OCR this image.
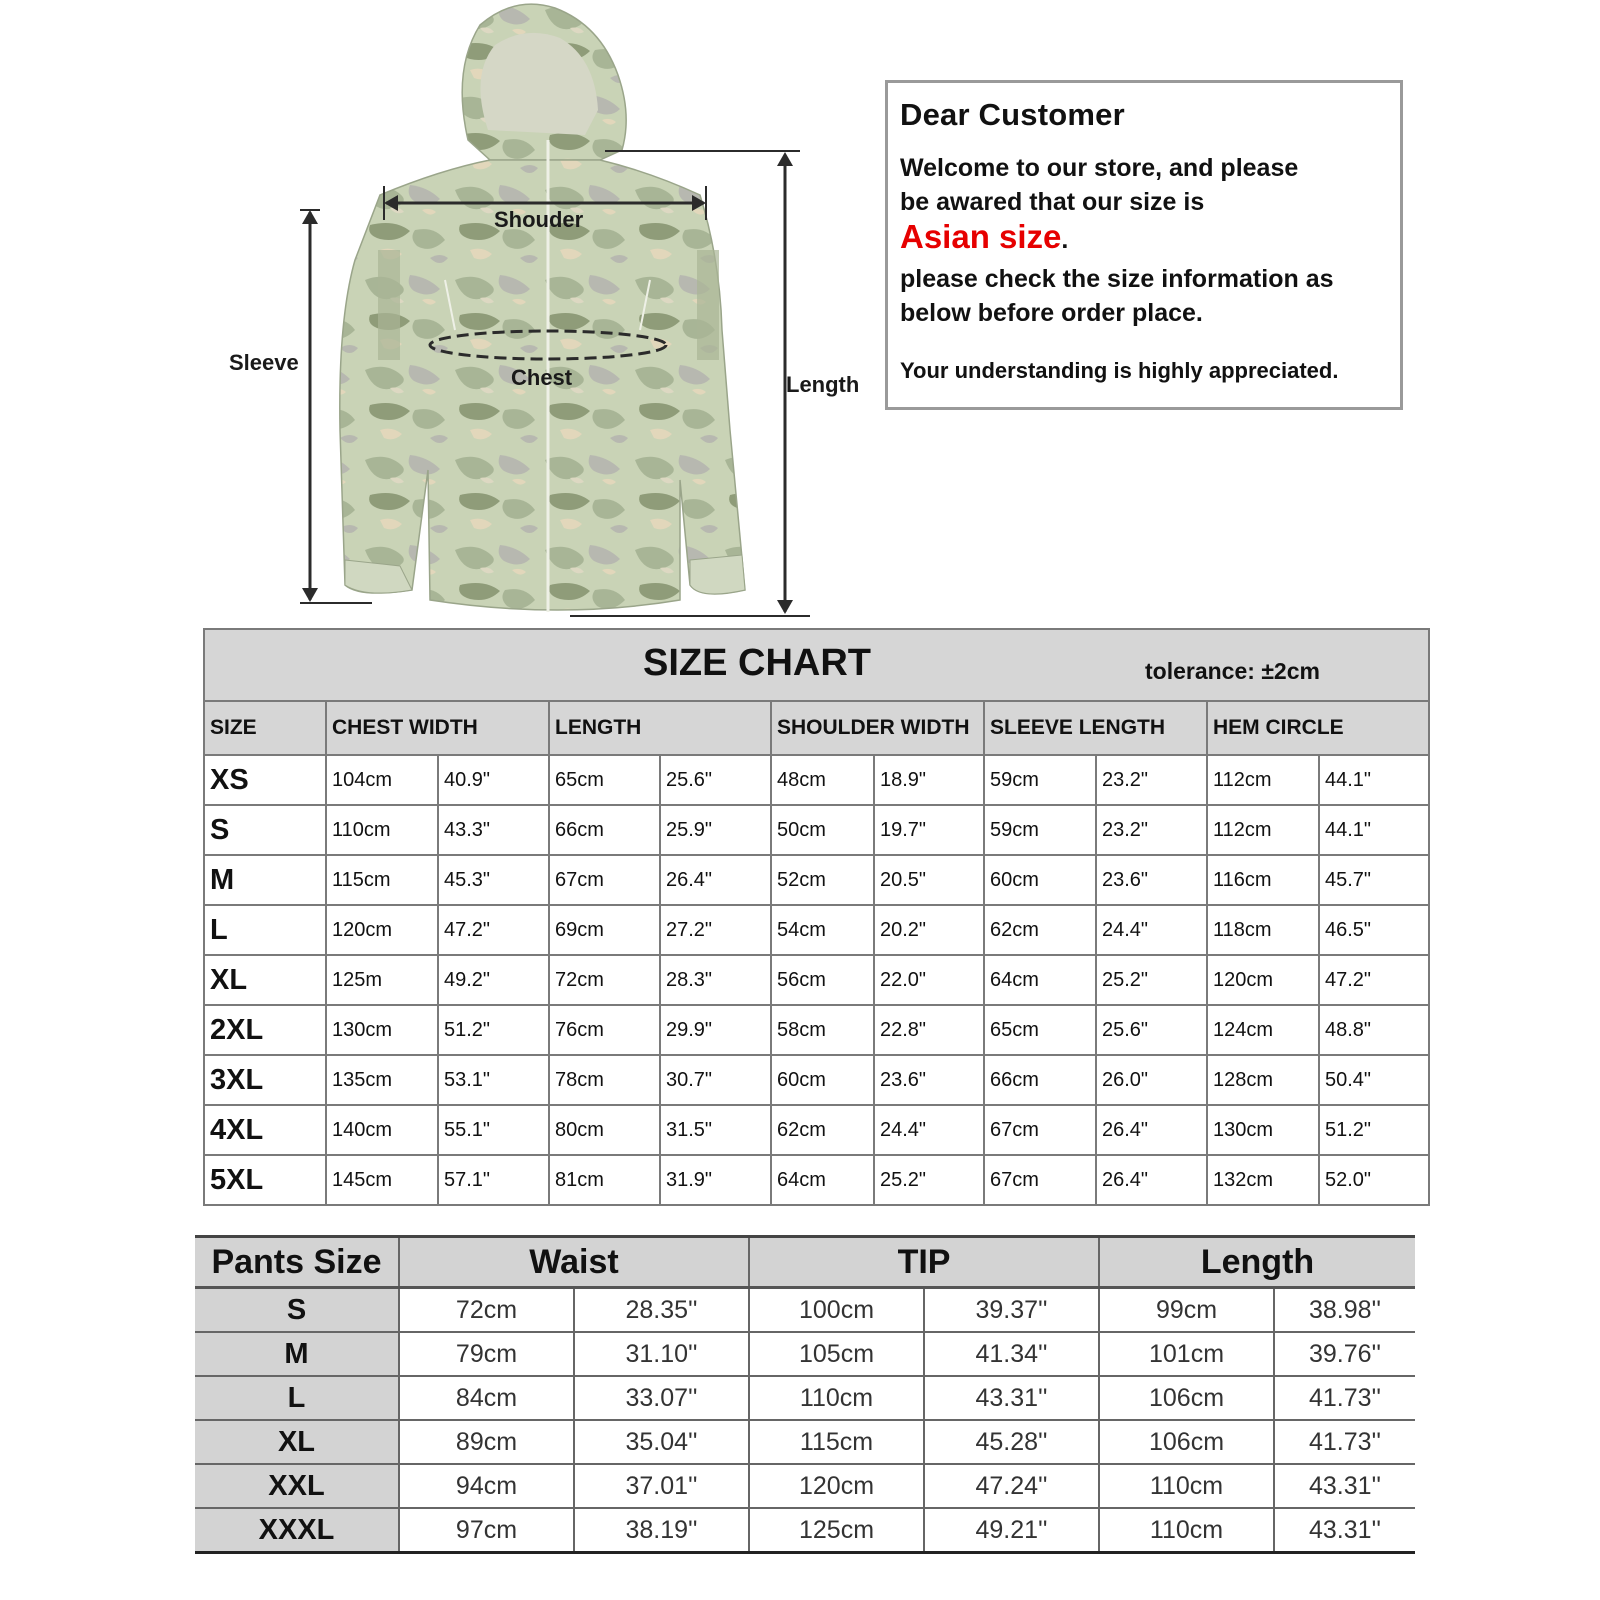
Shouder
Chest
Sleeve
Length

Dear Customer

Welcome to our store, and please

be awared that our size is

Asian size.

please check the size information as

below before order place.

Your understanding is highly appreciated.

SIZE CHART tolerance: ±2cm										

SIZE	CHEST WIDTH		LENGTH		SHOULDER WIDTH		SLEEVE LENGTH		HEM CIRCLE	
XS	104cm	40.9"	65cm	25.6"	48cm	18.9"	59cm	23.2"	112cm	44.1"
S	110cm	43.3"	66cm	25.9"	50cm	19.7"	59cm	23.2"	112cm	44.1"
M	115cm	45.3"	67cm	26.4"	52cm	20.5"	60cm	23.6"	116cm	45.7"
L	120cm	47.2"	69cm	27.2"	54cm	20.2"	62cm	24.4"	118cm	46.5"
XL	125m	49.2"	72cm	28.3"	56cm	22.0"	64cm	25.2"	120cm	47.2"
2XL	130cm	51.2"	76cm	29.9"	58cm	22.8"	65cm	25.6"	124cm	48.8"
3XL	135cm	53.1"	78cm	30.7"	60cm	23.6"	66cm	26.0"	128cm	50.4"
4XL	140cm	55.1"	80cm	31.5"	62cm	24.4"	67cm	26.4"	130cm	51.2"
5XL	145cm	57.1"	81cm	31.9"	64cm	25.2"	67cm	26.4"	132cm	52.0"
Pants Size	Waist		TIP		Length	
S	72cm	28.35''	100cm	39.37''	99cm	38.98''
M	79cm	31.10''	105cm	41.34''	101cm	39.76''
L	84cm	33.07''	110cm	43.31''	106cm	41.73''
XL	89cm	35.04''	115cm	45.28''	106cm	41.73''
XXL	94cm	37.01''	120cm	47.24''	110cm	43.31''
XXXL	97cm	38.19''	125cm	49.21''	110cm	43.31''
